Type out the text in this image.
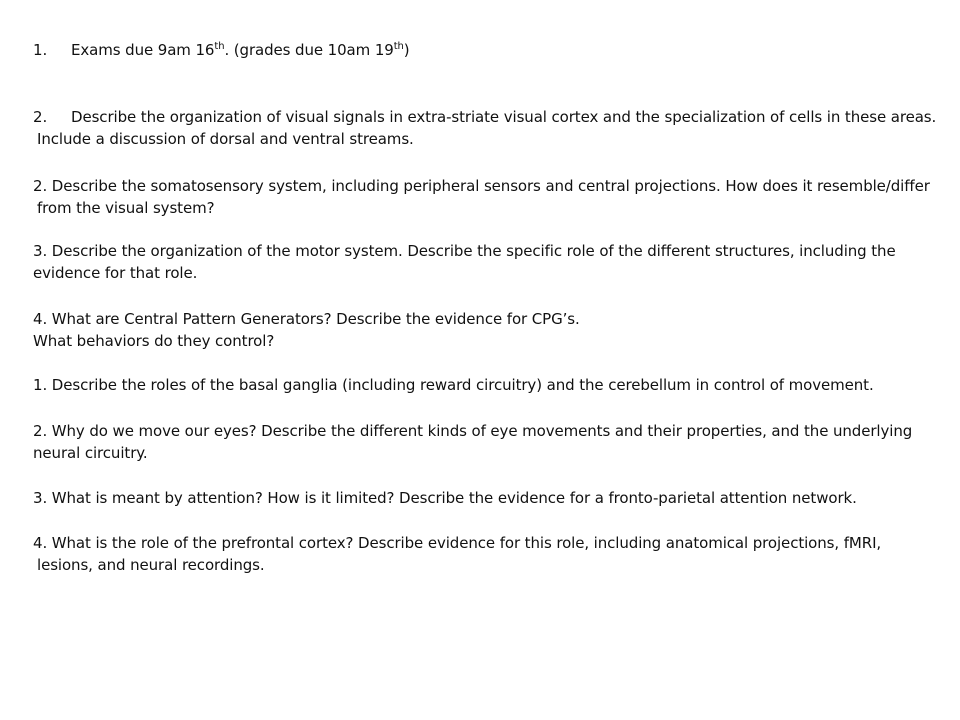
1. Exams due 9am 16th. (grades due 10am 19th)
2. Describe the organization of visual signals in extra-striate visual cortex and the specialization of cells in these areas.
Include a discussion of dorsal and ventral streams.
2. Describe the somatosensory system, including peripheral sensors and central projections. How does it resemble/differ
from the visual system?
3. Describe the organization of the motor system. Describe the specific role of the different structures, including the
evidence for that role.
4. What are Central Pattern Generators? Describe the evidence for CPG’s.
What behaviors do they control?
1. Describe the roles of the basal ganglia (including reward circuitry) and the cerebellum in control of movement.
2. Why do we move our eyes? Describe the different kinds of eye movements and their properties, and the underlying
neural circuitry.
3. What is meant by attention? How is it limited? Describe the evidence for a fronto-parietal attention network.
4. What is the role of the prefrontal cortex? Describe evidence for this role, including anatomical projections, fMRI,
lesions, and neural recordings.
